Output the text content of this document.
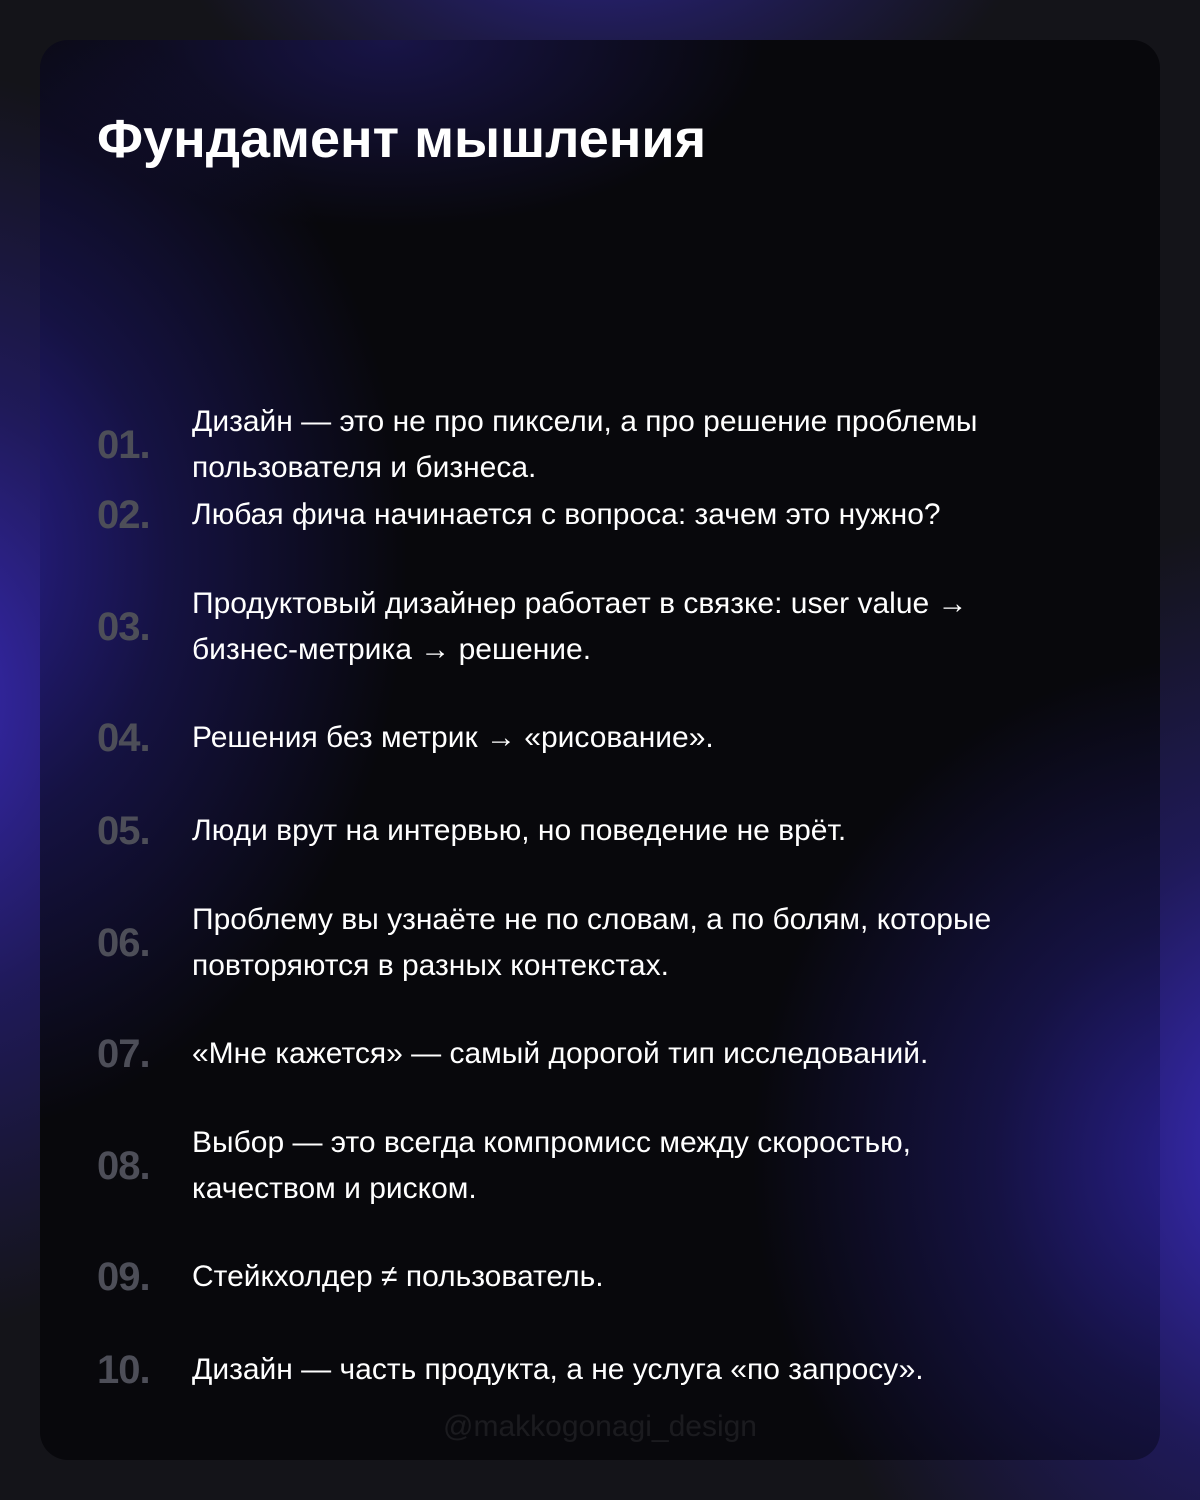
Фундамент мышления
01.
Дизайн — это не про пиксели, а про решение проблемы
пользователя и бизнеса.
02.	Любая фича начинается с вопроса: зачем это нужно?
03.
Продуктовый дизайнер работает в связке: user value →
бизнес-метрика → решение.
04.	Решения без метрик → «рисование».
05.	Люди врут на интервью, но поведение не врёт.
06.
Проблему вы узнаёте не по словам, а по болям, которые
повторяются в разных контекстах.
07.	«Мне кажется» — самый дорогой тип исследований.
08.
Выбор — это всегда компромисс между скоростью,
качеством и риском.
09.	Стейкхолдер ≠ пользователь.
10.	Дизайн — часть продукта, а не услуга «по запросу».
@makkogonagi_design
